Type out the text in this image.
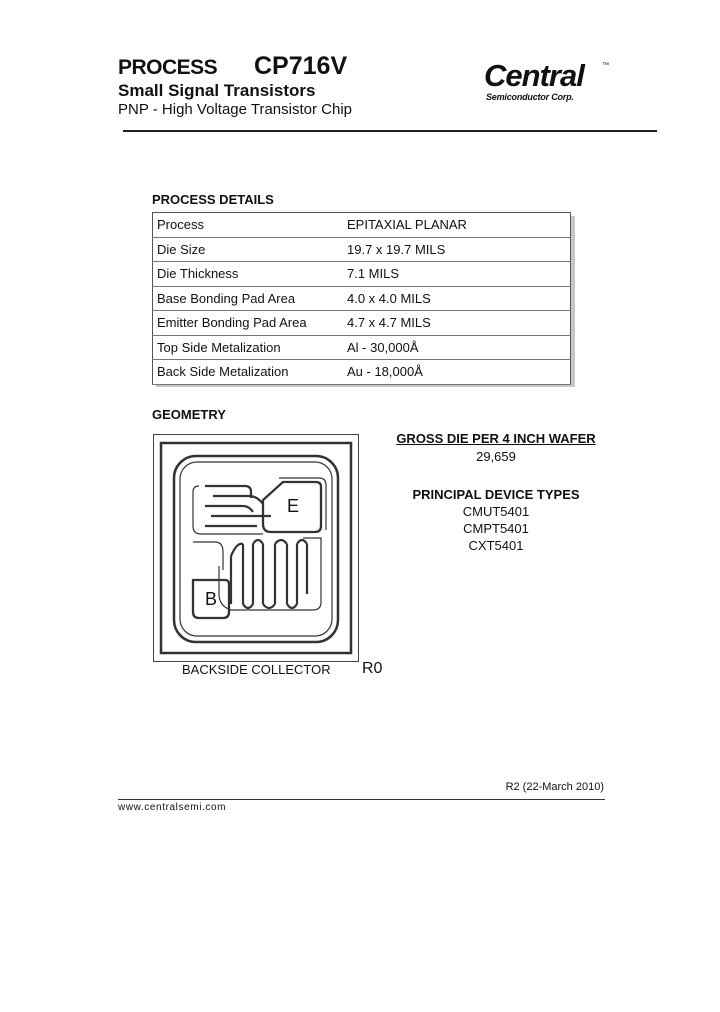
PROCESS CP716V
Small Signal Transistors
PNP - High Voltage Transistor Chip
Central	™
Semiconductor Corp.
PROCESS DETAILS
Process	EPITAXIAL PLANAR
Die Size	19.7 x 19.7 MILS
Die Thickness	7.1 MILS
Base Bonding Pad Area	4.0 x 4.0 MILS
Emitter Bonding Pad Area	4.7 x 4.7 MILS
Top Side Metalization	Al - 30,000Å
Back Side Metalization	Au - 18,000Å
GEOMETRY
E
B
BACKSIDE COLLECTOR R0
GROSS DIE PER 4 INCH WAFER
29,659
PRINCIPAL DEVICE TYPES
CMUT5401
CMPT5401
CXT5401
R2 (22-March 2010)
www.centralsemi.com
